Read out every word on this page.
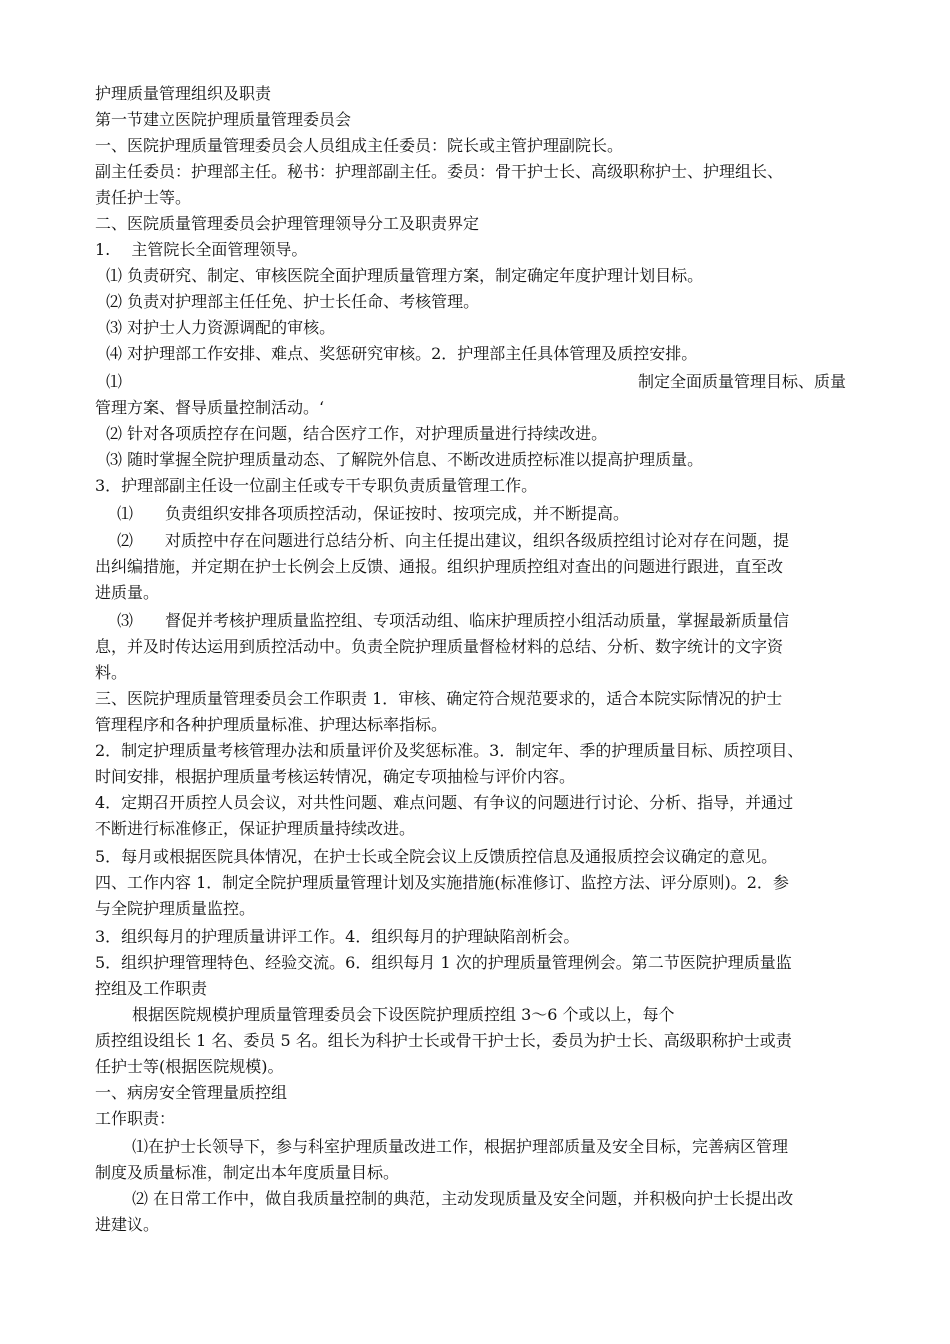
护理质量管理组织及职责
第一节建立医院护理质量管理委员会
一、医院护理质量管理委员会人员组成主任委员：院长或主管护理副院长。
副主任委员：护理部主任。秘书：护理部副主任。委员：骨干护士长、高级职称护士、护理组长、
责任护士等。
二、医院质量管理委员会护理管理领导分工及职责界定
1.　 主管院长全面管理领导。
⑴ 负责研究、制定、审核医院全面护理质量管理方案，制定确定年度护理计划目标。
⑵ 负责对护理部主任任免、护士长任命、考核管理。
⑶ 对护士人力资源调配的审核。
⑷ 对护理部工作安排、难点、奖惩研究审核。2．护理部主任具体管理及质控安排。
⑴	制定全面质量管理目标、质量
管理方案、督导质量控制活动。‘
⑵ 针对各项质控存在问题，结合医疗工作，对护理质量进行持续改进。
⑶ 随时掌握全院护理质量动态、了解院外信息、不断改进质控标准以提高护理质量。
3．护理部副主任设一位副主任或专干专职负责质量管理工作。
⑴　　负责组织安排各项质控活动，保证按时、按项完成，并不断提高。
⑵　　对质控中存在问题进行总结分析、向主任提出建议，组织各级质控组讨论对存在问题，提
出纠编措施，并定期在护士长例会上反馈、通报。组织护理质控组对查出的问题进行跟进，直至改
进质量。
⑶　　督促并考核护理质量监控组、专项活动组、临床护理质控小组活动质量，掌握最新质量信
息，并及时传达运用到质控活动中。负责全院护理质量督检材料的总结、分析、数字统计的文字资
料。
三、医院护理质量管理委员会工作职责 1．审核、确定符合规范要求的，适合本院实际情况的护士
管理程序和各种护理质量标准、护理达标率指标。
2．制定护理质量考核管理办法和质量评价及奖惩标准。3．制定年、季的护理质量目标、质控项目、
时间安排，根据护理质量考核运转情况，确定专项抽检与评价内容。
4．定期召开质控人员会议，对共性问题、难点问题、有争议的问题进行讨论、分析、指导，并通过
不断进行标准修正，保证护理质量持续改进。
5．每月或根据医院具体情况，在护士长或全院会议上反馈质控信息及通报质控会议确定的意见。
四、工作内容 1．制定全院护理质量管理计划及实施措施(标准修订、监控方法、评分原则)。2．参
与全院护理质量监控。
3．组织每月的护理质量讲评工作。4．组织每月的护理缺陷剖析会。
5．组织护理管理特色、经验交流。6．组织每月 1 次的护理质量管理例会。第二节医院护理质量监
控组及工作职责
根据医院规模护理质量管理委员会下设医院护理质控组 3〜6 个或以上，每个
质控组设组长 1 名、委员 5 名。组长为科护士长或骨干护士长，委员为护士长、高级职称护士或责
任护士等(根据医院规模)。
一、病房安全管理量质控组
工作职责：
⑴在护士长领导下，参与科室护理质量改进工作，根据护理部质量及安全目标，完善病区管理
制度及质量标准，制定出本年度质量目标。
⑵ 在日常工作中，做自我质量控制的典范，主动发现质量及安全问题，并积极向护士长提出改
进建议。
